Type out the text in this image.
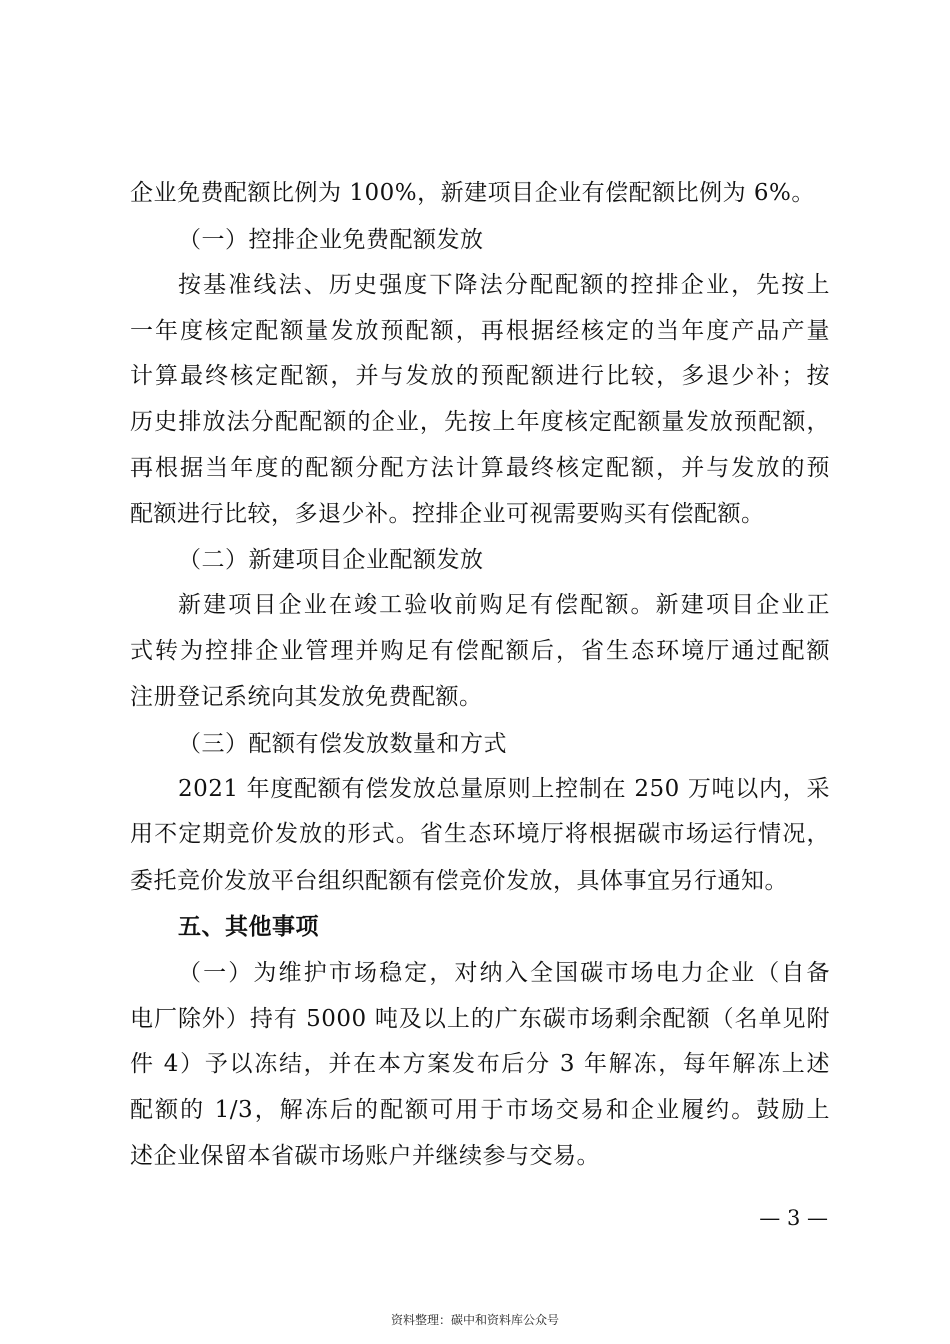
企业免费配额比例为 100%，新建项目企业有偿配额比例为 6%。
（一）控排企业免费配额发放
按基准线法、历史强度下降法分配配额的控排企业，先按上
一年度核定配额量发放预配额，再根据经核定的当年度产品产量
计算最终核定配额，并与发放的预配额进行比较，多退少补；按
历史排放法分配配额的企业，先按上年度核定配额量发放预配额，
再根据当年度的配额分配方法计算最终核定配额，并与发放的预
配额进行比较，多退少补。控排企业可视需要购买有偿配额。
（二）新建项目企业配额发放
新建项目企业在竣工验收前购足有偿配额。新建项目企业正
式转为控排企业管理并购足有偿配额后，省生态环境厅通过配额
注册登记系统向其发放免费配额。
（三）配额有偿发放数量和方式
2021 年度配额有偿发放总量原则上控制在 250 万吨以内，采
用不定期竞价发放的形式。省生态环境厅将根据碳市场运行情况，
委托竞价发放平台组织配额有偿竞价发放，具体事宜另行通知。
五、其他事项
（一）为维护市场稳定，对纳入全国碳市场电力企业（自备
电厂除外）持有 5000 吨及以上的广东碳市场剩余配额（名单见附
件 4）予以冻结，并在本方案发布后分 3 年解冻，每年解冻上述
配额的 1/3，解冻后的配额可用于市场交易和企业履约。鼓励上
述企业保留本省碳市场账户并继续参与交易。
— 3 —
资料整理：碳中和资料库公众号
